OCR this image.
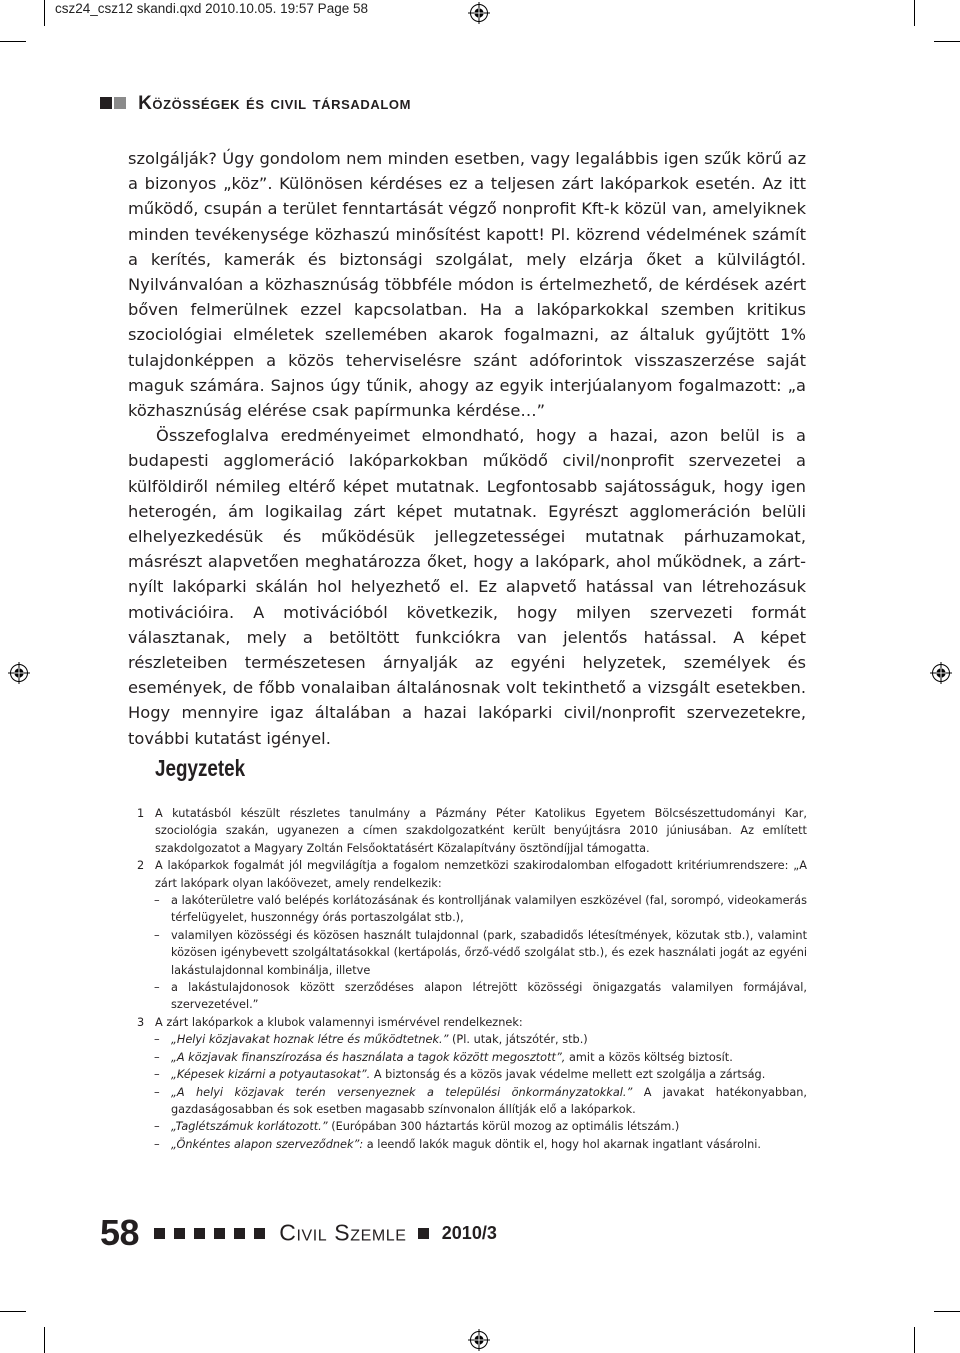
csz24_csz12 skandi.qxd 2010.10.05. 19:57 Page 58
Közösségek és civil társadalom

szolgálják? Úgy gondolom nem minden esetben, vagy legalábbis igen szűk körű az a bizonyos „köz”. Különösen kérdéses ez a teljesen zárt lakóparkok esetén. Az itt működő, csupán a terület fenntartását végző nonprofit Kft-k közül van, amelyiknek minden tevékenysége közhaszú minősítést kapott! Pl. közrend védelmének számít a kerítés, kamerák és biztonsági szolgálat, mely elzárja őket a külvilágtól. Nyilvánvalóan a közhasznúság többféle módon is értelmezhető, de kérdések azért bőven felmerülnek ezzel kapcsolatban. Ha a lakóparkokkal szemben kritikus szociológiai elméletek szellemében akarok fogalmazni, az általuk gyűjtött 1% tulajdonképpen a közös teherviselésre szánt adóforintok visszaszerzése saját maguk számára. Sajnos úgy tűnik, ahogy az egyik interjúalanyom fogalmazott: „a közhasznúság elérése csak papírmunka kérdése…”

Összefoglalva eredményeimet elmondható, hogy a hazai, azon belül is a budapesti agglomeráció lakóparkokban működő civil/nonprofit szervezetei a külföldiről némileg eltérő képet mutatnak. Legfontosabb sajátosságuk, hogy igen heterogén, ám logikailag zárt képet mutatnak. Egyrészt agglomeráción belüli elhelyezkedésük és működésük jellegzetességei mutatnak párhuzamokat, másrészt alapvetően meghatározza őket, hogy a lakópark, ahol működnek, a zárt-nyílt lakóparki skálán hol helyezhető el. Ez alapvető hatással van létrehozásuk motivációira. A motivációból következik, hogy milyen szervezeti formát választanak, mely a betöltött funkciókra van jelentős hatással. A képet részleteiben természetesen árnyalják az egyéni helyzetek, személyek és események, de főbb vonalaiban általánosnak volt tekinthető a vizsgált esetekben. Hogy mennyire igaz általában a hazai lakóparki civil/nonprofit szervezetekre, további kutatást igényel.

Jegyzetek
1 A kutatásból készült részletes tanulmány a Pázmány Péter Katolikus Egyetem Bölcsészettudományi Kar, szociológia szakán, ugyanezen a címen szakdolgozatként került benyújtásra 2010 júniusában. Az említett szakdolgozatot a Magyary Zoltán Felsőoktatásért Közalapítvány ösztöndíjjal támogatta.
2 A lakóparkok fogalmát jól megvilágítja a fogalom nemzetközi szakirodalomban elfogadott kritériumrendszere: „A zárt lakópark olyan lakóövezet, amely rendelkezik:
– a lakóterületre való belépés korlátozásának és kontrolljának valamilyen eszközével (fal, sorompó, videokamerás térfelügyelet, huszonnégy órás portaszolgálat stb.),
– valamilyen közösségi és közösen használt tulajdonnal (park, szabadidős létesítmények, közutak stb.), valamint közösen igénybevett szolgáltatásokkal (kertápolás, őrző-védő szolgálat stb.), és ezek használati jogát az egyéni lakástulajdonnal kombinálja, illetve
– a lakástulajdonosok között szerződéses alapon létrejött közösségi önigazgatás valamilyen formájával, szervezetével.”
3 A zárt lakóparkok a klubok valamennyi ismérvével rendelkeznek:
– „Helyi közjavakat hoznak létre és működtetnek.” (Pl. utak, játszótér, stb.)
– „A közjavak finanszírozása és használata a tagok között megosztott”, amit a közös költség biztosít.
– „Képesek kizárni a potyautasokat”. A biztonság és a közös javak védelme mellett ezt szolgálja a zártság.
– „A helyi közjavak terén versenyeznek a települési önkormányzatokkal.” A javakat hatékonyabban, gazdaságosabban és sok esetben magasabb színvonalon állítják elő a lakóparkok.
– „Taglétszámuk korlátozott.” (Európában 300 háztartás körül mozog az optimális létszám.)
– „Önkéntes alapon szerveződnek”: a leendő lakók maguk döntik el, hogy hol akarnak ingatlant vásárolni.
58	Civil Szemle 2010/3
